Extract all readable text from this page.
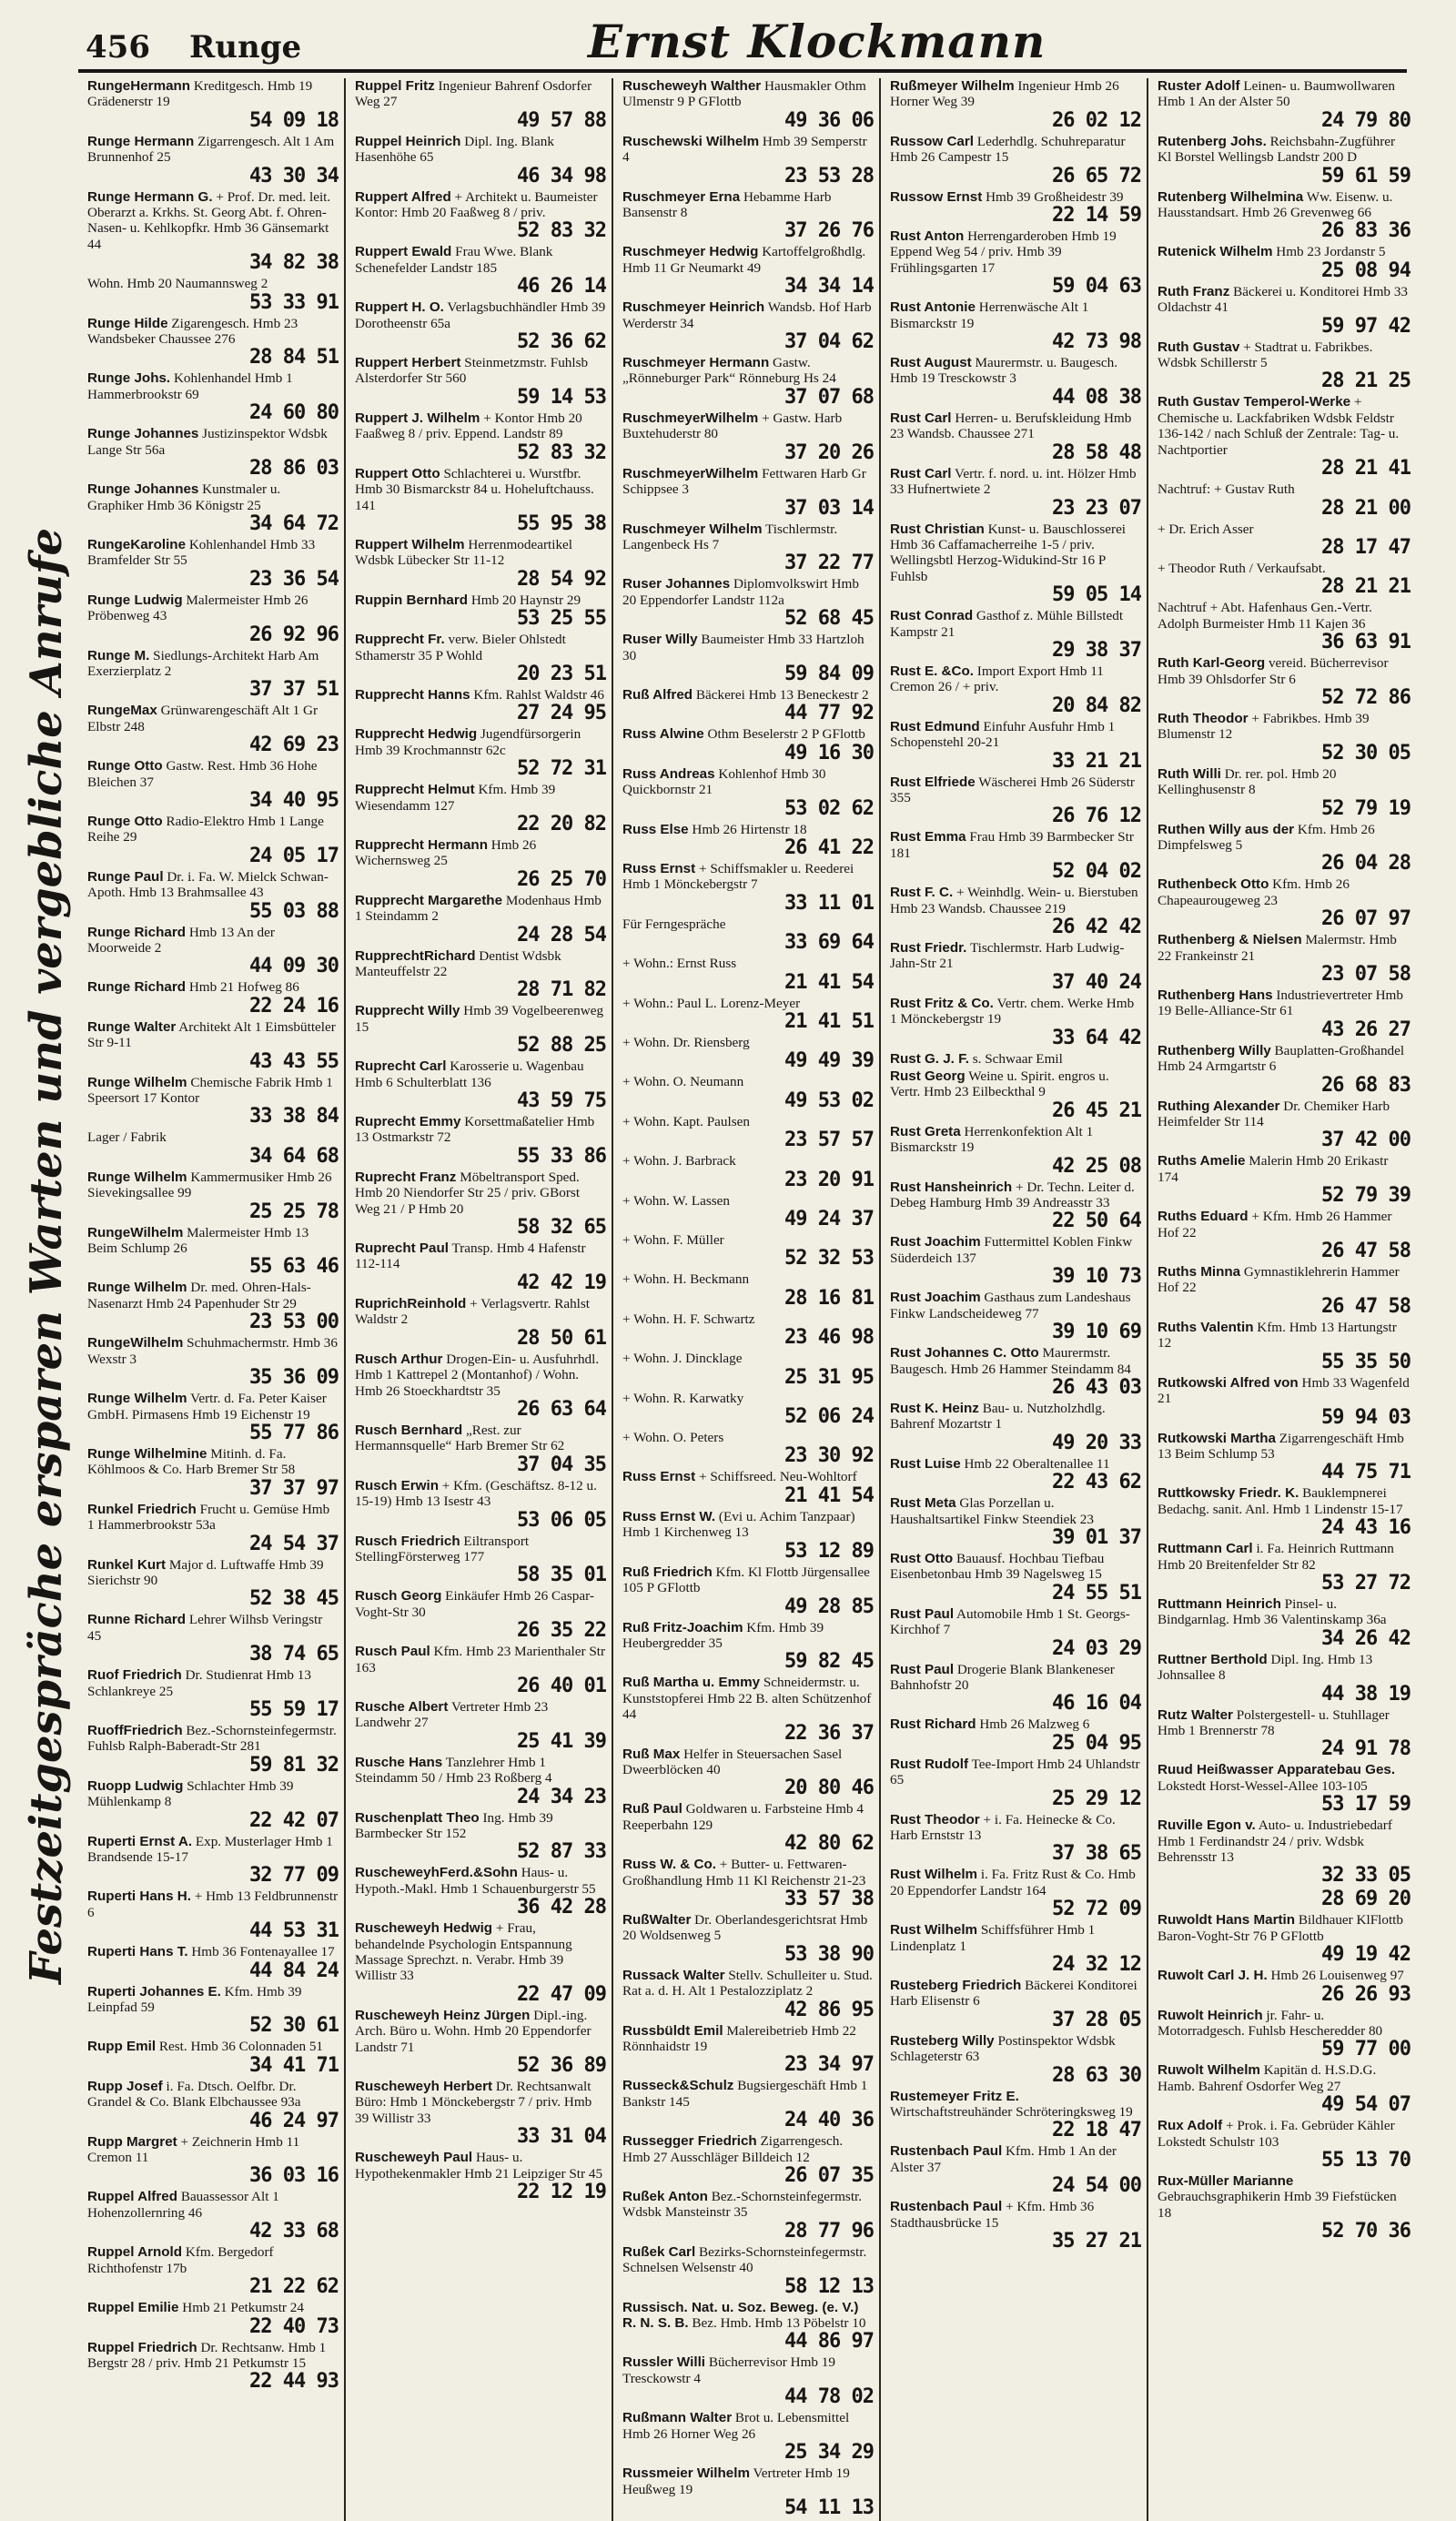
456 Runge	Ernst Klockmann
Festzeitgespräche ersparen Warten und vergebliche Anrufe
RungeHermann Kreditgesch. Hmb 19 Grädenerstr 19
54 09 18
Runge Hermann Zigarrengesch. Alt 1 Am Brunnenhof 25
43 30 34
Runge Hermann G. + Prof. Dr. med. leit. Oberarzt a. Krkhs. St. Georg Abt. f. Ohren-Nasen- u. Kehlkopfkr. Hmb 36 Gänsemarkt 44
34 82 38
Wohn. Hmb 20 Naumannsweg 2
53 33 91
Runge Hilde Zigarengesch. Hmb 23 Wandsbeker Chaussee 276
28 84 51
Runge Johs. Kohlenhandel Hmb 1 Hammerbrookstr 69
24 60 80
Runge Johannes Justizinspektor Wdsbk Lange Str 56a
28 86 03
Runge Johannes Kunstmaler u. Graphiker Hmb 36 Königstr 25
34 64 72
RungeKaroline Kohlenhandel Hmb 33 Bramfelder Str 55
23 36 54
Runge Ludwig Malermeister Hmb 26 Pröbenweg 43
26 92 96
Runge M. Siedlungs-Architekt Harb Am Exerzierplatz 2
37 37 51
RungeMax Grünwarengeschäft Alt 1 Gr Elbstr 248
42 69 23
Runge Otto Gastw. Rest. Hmb 36 Hohe Bleichen 37
34 40 95
Runge Otto Radio-Elektro Hmb 1 Lange Reihe 29
24 05 17
Runge Paul Dr. i. Fa. W. Mielck Schwan-Apoth. Hmb 13 Brahmsallee 43
55 03 88
Runge Richard Hmb 13 An der Moorweide 2
44 09 30
Runge Richard Hmb 21 Hofweg 86
22 24 16
Runge Walter Architekt Alt 1 Eimsbütteler Str 9-11
43 43 55
Runge Wilhelm Chemische Fabrik Hmb 1 Speersort 17 Kontor
33 38 84
Lager / Fabrik
34 64 68
Runge Wilhelm Kammermusiker Hmb 26 Sievekingsallee 99
25 25 78
RungeWilhelm Malermeister Hmb 13 Beim Schlump 26
55 63 46
Runge Wilhelm Dr. med. Ohren-Hals-Nasenarzt Hmb 24 Papenhuder Str 29
23 53 00
RungeWilhelm Schuhmachermstr. Hmb 36 Wexstr 3
35 36 09
Runge Wilhelm Vertr. d. Fa. Peter Kaiser GmbH. Pirmasens Hmb 19 Eichenstr 19
55 77 86
Runge Wilhelmine Mitinh. d. Fa. Köhlmoos & Co. Harb Bremer Str 58
37 37 97
Runkel Friedrich Frucht u. Gemüse Hmb 1 Hammerbrookstr 53a
24 54 37
Runkel Kurt Major d. Luftwaffe Hmb 39 Sierichstr 90
52 38 45
Runne Richard Lehrer Wilhsb Veringstr 45
38 74 65
Ruof Friedrich Dr. Studienrat Hmb 13 Schlankreye 25
55 59 17
RuoffFriedrich Bez.-Schornsteinfegermstr. Fuhlsb Ralph-Baberadt-Str 281
59 81 32
Ruopp Ludwig Schlachter Hmb 39 Mühlenkamp 8
22 42 07
Ruperti Ernst A. Exp. Musterlager Hmb 1 Brandsende 15-17
32 77 09
Ruperti Hans H. + Hmb 13 Feldbrunnenstr 6
44 53 31
Ruperti Hans T. Hmb 36 Fontenayallee 17
44 84 24
Ruperti Johannes E. Kfm. Hmb 39 Leinpfad 59
52 30 61
Rupp Emil Rest. Hmb 36 Colonnaden 51
34 41 71
Rupp Josef i. Fa. Dtsch. Oelfbr. Dr. Grandel & Co. Blank Elbchaussee 93a
46 24 97
Rupp Margret + Zeichnerin Hmb 11 Cremon 11
36 03 16
Ruppel Alfred Bauassessor Alt 1 Hohenzollernring 46
42 33 68
Ruppel Arnold Kfm. Bergedorf Richthofenstr 17b
21 22 62
Ruppel Emilie Hmb 21 Petkumstr 24
22 40 73
Ruppel Friedrich Dr. Rechtsanw. Hmb 1 Bergstr 28 / priv. Hmb 21 Petkumstr 15
22 44 93
Ruppel Fritz Ingenieur Bahrenf Osdorfer Weg 27
49 57 88
Ruppel Heinrich Dipl. Ing. Blank Hasenhöhe 65
46 34 98
Ruppert Alfred + Architekt u. Baumeister Kontor: Hmb 20 Faaßweg 8 / priv.
52 83 32
Ruppert Ewald Frau Wwe. Blank Schenefelder Landstr 185
46 26 14
Ruppert H. O. Verlagsbuchhändler Hmb 39 Dorotheenstr 65a
52 36 62
Ruppert Herbert Steinmetzmstr. Fuhlsb Alsterdorfer Str 560
59 14 53
Ruppert J. Wilhelm + Kontor Hmb 20 Faaßweg 8 / priv. Eppend. Landstr 89
52 83 32
Ruppert Otto Schlachterei u. Wurstfbr. Hmb 30 Bismarckstr 84 u. Hoheluftchauss. 141
55 95 38
Ruppert Wilhelm Herrenmodeartikel Wdsbk Lübecker Str 11-12
28 54 92
Ruppin Bernhard Hmb 20 Haynstr 29
53 25 55
Rupprecht Fr. verw. Bieler Ohlstedt Sthamerstr 35 P Wohld
20 23 51
Rupprecht Hanns Kfm. Rahlst Waldstr 46
27 24 95
Rupprecht Hedwig Jugendfürsorgerin Hmb 39 Krochmannstr 62c
52 72 31
Rupprecht Helmut Kfm. Hmb 39 Wiesendamm 127
22 20 82
Rupprecht Hermann Hmb 26 Wichernsweg 25
26 25 70
Rupprecht Margarethe Modenhaus Hmb 1 Steindamm 2
24 28 54
RupprechtRichard Dentist Wdsbk Manteuffelstr 22
28 71 82
Rupprecht Willy Hmb 39 Vogelbeerenweg 15
52 88 25
Ruprecht Carl Karosserie u. Wagenbau Hmb 6 Schulterblatt 136
43 59 75
Ruprecht Emmy Korsettmaßatelier Hmb 13 Ostmarkstr 72
55 33 86
Ruprecht Franz Möbeltransport Sped. Hmb 20 Niendorfer Str 25 / priv. GBorst Weg 21 / P Hmb 20
58 32 65
Ruprecht Paul Transp. Hmb 4 Hafenstr 112-114
42 42 19
RuprichReinhold + Verlagsvertr. Rahlst Waldstr 2
28 50 61
Rusch Arthur Drogen-Ein- u. Ausfuhrhdl. Hmb 1 Kattrepel 2 (Montanhof) / Wohn. Hmb 26 Stoeckhardtstr 35
26 63 64
Rusch Bernhard „Rest. zur Hermannsquelle“ Harb Bremer Str 62
37 04 35
Rusch Erwin + Kfm. (Geschäftsz. 8-12 u. 15-19) Hmb 13 Isestr 43
53 06 05
Rusch Friedrich Eiltransport StellingFörsterweg 177
58 35 01
Rusch Georg Einkäufer Hmb 26 Caspar-Voght-Str 30
26 35 22
Rusch Paul Kfm. Hmb 23 Marienthaler Str 163
26 40 01
Rusche Albert Vertreter Hmb 23 Landwehr 27
25 41 39
Rusche Hans Tanzlehrer Hmb 1 Steindamm 50 / Hmb 23 Roßberg 4
24 34 23
Ruschenplatt Theo Ing. Hmb 39 Barmbecker Str 152
52 87 33
RuscheweyhFerd.&Sohn Haus- u. Hypoth.-Makl. Hmb 1 Schauenburgerstr 55
36 42 28
Ruscheweyh Hedwig + Frau, behandelnde Psychologin Entspannung Massage Sprechzt. n. Verabr. Hmb 39 Willistr 33
22 47 09
Ruscheweyh Heinz Jürgen Dipl.-ing. Arch. Büro u. Wohn. Hmb 20 Eppendorfer Landstr 71
52 36 89
Ruscheweyh Herbert Dr. Rechtsanwalt Büro: Hmb 1 Mönckebergstr 7 / priv. Hmb 39 Willistr 33
33 31 04
Ruscheweyh Paul Haus- u. Hypothekenmakler Hmb 21 Leipziger Str 45
22 12 19
Ruscheweyh Walther Hausmakler Othm Ulmenstr 9 P GFlottb
49 36 06
Ruschewski Wilhelm Hmb 39 Semperstr 4
23 53 28
Ruschmeyer Erna Hebamme Harb Bansenstr 8
37 26 76
Ruschmeyer Hedwig Kartoffelgroßhdlg. Hmb 11 Gr Neumarkt 49
34 34 14
Ruschmeyer Heinrich Wandsb. Hof Harb Werderstr 34
37 04 62
Ruschmeyer Hermann Gastw. „Rönneburger Park“ Rönneburg Hs 24
37 07 68
RuschmeyerWilhelm + Gastw. Harb Buxtehuderstr 80
37 20 26
RuschmeyerWilhelm Fettwaren Harb Gr Schippsee 3
37 03 14
Ruschmeyer Wilhelm Tischlermstr. Langenbeck Hs 7
37 22 77
Ruser Johannes Diplomvolkswirt Hmb 20 Eppendorfer Landstr 112a
52 68 45
Ruser Willy Baumeister Hmb 33 Hartzloh 30
59 84 09
Ruß Alfred Bäckerei Hmb 13 Beneckestr 2
44 77 92
Russ Alwine Othm Beselerstr 2 P GFlottb
49 16 30
Russ Andreas Kohlenhof Hmb 30 Quickbornstr 21
53 02 62
Russ Else Hmb 26 Hirtenstr 18
26 41 22
Russ Ernst + Schiffsmakler u. Reederei Hmb 1 Mönckebergstr 7
33 11 01
Für Ferngespräche
33 69 64
+ Wohn.: Ernst Russ
21 41 54
+ Wohn.: Paul L. Lorenz-Meyer
21 41 51
+ Wohn. Dr. Riensberg
49 49 39
+ Wohn. O. Neumann
49 53 02
+ Wohn. Kapt. Paulsen
23 57 57
+ Wohn. J. Barbrack
23 20 91
+ Wohn. W. Lassen
49 24 37
+ Wohn. F. Müller
52 32 53
+ Wohn. H. Beckmann
28 16 81
+ Wohn. H. F. Schwartz
23 46 98
+ Wohn. J. Dincklage
25 31 95
+ Wohn. R. Karwatky
52 06 24
+ Wohn. O. Peters
23 30 92
Russ Ernst + Schiffsreed. Neu-Wohltorf
21 41 54
Russ Ernst W. (Evi u. Achim Tanzpaar) Hmb 1 Kirchenweg 13
53 12 89
Ruß Friedrich Kfm. Kl Flottb Jürgensallee 105 P GFlottb
49 28 85
Ruß Fritz-Joachim Kfm. Hmb 39 Heubergredder 35
59 82 45
Ruß Martha u. Emmy Schneidermstr. u. Kunststopferei Hmb 22 B. alten Schützenhof 44
22 36 37
Ruß Max Helfer in Steuersachen Sasel Dweerblöcken 40
20 80 46
Ruß Paul Goldwaren u. Farbsteine Hmb 4 Reeperbahn 129
42 80 62
Russ W. & Co. + Butter- u. Fettwaren-Großhandlung Hmb 11 Kl Reichenstr 21-23
33 57 38
RußWalter Dr. Oberlandesgerichtsrat Hmb 20 Woldsenweg 5
53 38 90
Russack Walter Stellv. Schulleiter u. Stud. Rat a. d. H. Alt 1 Pestalozziplatz 2
42 86 95
Russbüldt Emil Malereibetrieb Hmb 22 Rönnhaidstr 19
23 34 97
Russeck&Schulz Bugsiergeschäft Hmb 1 Bankstr 145
24 40 36
Russegger Friedrich Zigarrengesch. Hmb 27 Ausschläger Billdeich 12
26 07 35
Rußek Anton Bez.-Schornsteinfegermstr. Wdsbk Mansteinstr 35
28 77 96
Rußek Carl Bezirks-Schornsteinfegermstr. Schnelsen Welsenstr 40
58 12 13
Russisch. Nat. u. Soz. Beweg. (e. V.) R. N. S. B. Bez. Hmb. Hmb 13 Pöbelstr 10
44 86 97
Russler Willi Bücherrevisor Hmb 19 Tresckowstr 4
44 78 02
Rußmann Walter Brot u. Lebensmittel Hmb 26 Horner Weg 26
25 34 29
Russmeier Wilhelm Vertreter Hmb 19 Heußweg 19
54 11 13
Rußmeyer Wilhelm Ingenieur Hmb 26 Horner Weg 39
26 02 12
Russow Carl Lederhdlg. Schuhreparatur Hmb 26 Campestr 15
26 65 72
Russow Ernst Hmb 39 Großheidestr 39
22 14 59
Rust Anton Herrengarderoben Hmb 19 Eppend Weg 54 / priv. Hmb 39 Frühlingsgarten 17
59 04 63
Rust Antonie Herrenwäsche Alt 1 Bismarckstr 19
42 73 98
Rust August Maurermstr. u. Baugesch. Hmb 19 Tresckowstr 3
44 08 38
Rust Carl Herren- u. Berufskleidung Hmb 23 Wandsb. Chaussee 271
28 58 48
Rust Carl Vertr. f. nord. u. int. Hölzer Hmb 33 Hufnertwiete 2
23 23 07
Rust Christian Kunst- u. Bauschlosserei Hmb 36 Caffamacherreihe 1-5 / priv. Wellingsbtl Herzog-Widukind-Str 16 P Fuhlsb
59 05 14
Rust Conrad Gasthof z. Mühle Billstedt Kampstr 21
29 38 37
Rust E. &Co. Import Export Hmb 11 Cremon 26 / + priv.
20 84 82
Rust Edmund Einfuhr Ausfuhr Hmb 1 Schopenstehl 20-21
33 21 21
Rust Elfriede Wäscherei Hmb 26 Süderstr 355
26 76 12
Rust Emma Frau Hmb 39 Barmbecker Str 181
52 04 02
Rust F. C. + Weinhdlg. Wein- u. Bierstuben Hmb 23 Wandsb. Chaussee 219
26 42 42
Rust Friedr. Tischlermstr. Harb Ludwig-Jahn-Str 21
37 40 24
Rust Fritz & Co. Vertr. chem. Werke Hmb 1 Mönckebergstr 19
33 64 42
Rust G. J. F. s. Schwaar Emil
Rust Georg Weine u. Spirit. engros u. Vertr. Hmb 23 Eilbeckthal 9
26 45 21
Rust Greta Herrenkonfektion Alt 1 Bismarckstr 19
42 25 08
Rust Hansheinrich + Dr. Techn. Leiter d. Debeg Hamburg Hmb 39 Andreasstr 33
22 50 64
Rust Joachim Futtermittel Koblen Finkw Süderdeich 137
39 10 73
Rust Joachim Gasthaus zum Landeshaus Finkw Landscheideweg 77
39 10 69
Rust Johannes C. Otto Maurermstr. Baugesch. Hmb 26 Hammer Steindamm 84
26 43 03
Rust K. Heinz Bau- u. Nutzholzhdlg. Bahrenf Mozartstr 1
49 20 33
Rust Luise Hmb 22 Oberaltenallee 11
22 43 62
Rust Meta Glas Porzellan u. Haushaltsartikel Finkw Steendiek 23
39 01 37
Rust Otto Bauausf. Hochbau Tiefbau Eisenbetonbau Hmb 39 Nagelsweg 15
24 55 51
Rust Paul Automobile Hmb 1 St. Georgs-Kirchhof 7
24 03 29
Rust Paul Drogerie Blank Blankeneser Bahnhofstr 20
46 16 04
Rust Richard Hmb 26 Malzweg 6
25 04 95
Rust Rudolf Tee-Import Hmb 24 Uhlandstr 65
25 29 12
Rust Theodor + i. Fa. Heinecke & Co. Harb Ernststr 13
37 38 65
Rust Wilhelm i. Fa. Fritz Rust & Co. Hmb 20 Eppendorfer Landstr 164
52 72 09
Rust Wilhelm Schiffsführer Hmb 1 Lindenplatz 1
24 32 12
Rusteberg Friedrich Bäckerei Konditorei Harb Elisenstr 6
37 28 05
Rusteberg Willy Postinspektor Wdsbk Schlageterstr 63
28 63 30
Rustemeyer Fritz E. Wirtschaftstreuhänder Schröteringksweg 19
22 18 47
Rustenbach Paul Kfm. Hmb 1 An der Alster 37
24 54 00
Rustenbach Paul + Kfm. Hmb 36 Stadthausbrücke 15
35 27 21
Ruster Adolf Leinen- u. Baumwollwaren Hmb 1 An der Alster 50
24 79 80
Rutenberg Johs. Reichsbahn-Zugführer Kl Borstel Wellingsb Landstr 200 D
59 61 59
Rutenberg Wilhelmina Ww. Eisenw. u. Hausstandsart. Hmb 26 Grevenweg 66
26 83 36
Rutenick Wilhelm Hmb 23 Jordanstr 5
25 08 94
Ruth Franz Bäckerei u. Konditorei Hmb 33 Oldachstr 41
59 97 42
Ruth Gustav + Stadtrat u. Fabrikbes. Wdsbk Schillerstr 5
28 21 25
Ruth Gustav Temperol-Werke + Chemische u. Lackfabriken Wdsbk Feldstr 136-142 / nach Schluß der Zentrale: Tag- u. Nachtportier
28 21 41
Nachtruf: + Gustav Ruth
28 21 00
+ Dr. Erich Asser
28 17 47
+ Theodor Ruth / Verkaufsabt.
28 21 21
Nachtruf + Abt. Hafenhaus Gen.-Vertr. Adolph Burmeister Hmb 11 Kajen 36
36 63 91
Ruth Karl-Georg vereid. Bücherrevisor Hmb 39 Ohlsdorfer Str 6
52 72 86
Ruth Theodor + Fabrikbes. Hmb 39 Blumenstr 12
52 30 05
Ruth Willi Dr. rer. pol. Hmb 20 Kellinghusenstr 8
52 79 19
Ruthen Willy aus der Kfm. Hmb 26 Dimpfelsweg 5
26 04 28
Ruthenbeck Otto Kfm. Hmb 26 Chapeaurougeweg 23
26 07 97
Ruthenberg & Nielsen Malermstr. Hmb 22 Frankeinstr 21
23 07 58
Ruthenberg Hans Industrievertreter Hmb 19 Belle-Alliance-Str 61
43 26 27
Ruthenberg Willy Bauplatten-Großhandel Hmb 24 Armgartstr 6
26 68 83
Ruthing Alexander Dr. Chemiker Harb Heimfelder Str 114
37 42 00
Ruths Amelie Malerin Hmb 20 Erikastr 174
52 79 39
Ruths Eduard + Kfm. Hmb 26 Hammer Hof 22
26 47 58
Ruths Minna Gymnastiklehrerin Hammer Hof 22
26 47 58
Ruths Valentin Kfm. Hmb 13 Hartungstr 12
55 35 50
Rutkowski Alfred von Hmb 33 Wagenfeld 21
59 94 03
Rutkowski Martha Zigarrengeschäft Hmb 13 Beim Schlump 53
44 75 71
Ruttkowsky Friedr. K. Bauklempnerei Bedachg. sanit. Anl. Hmb 1 Lindenstr 15-17
24 43 16
Ruttmann Carl i. Fa. Heinrich Ruttmann Hmb 20 Breitenfelder Str 82
53 27 72
Ruttmann Heinrich Pinsel- u. Bindgarnlag. Hmb 36 Valentinskamp 36a
34 26 42
Ruttner Berthold Dipl. Ing. Hmb 13 Johnsallee 8
44 38 19
Rutz Walter Polstergestell- u. Stuhllager Hmb 1 Brennerstr 78
24 91 78
Ruud Heißwasser Apparatebau Ges. Lokstedt Horst-Wessel-Allee 103-105
53 17 59
Ruville Egon v. Auto- u. Industriebedarf Hmb 1 Ferdinandstr 24 / priv. Wdsbk Behrensstr 13
32 33 05
28 69 20
Ruwoldt Hans Martin Bildhauer KlFlottb Baron-Voght-Str 76 P GFlottb
49 19 42
Ruwolt Carl J. H. Hmb 26 Louisenweg 97
26 26 93
Ruwolt Heinrich jr. Fahr- u. Motorradgesch. Fuhlsb Hescheredder 80
59 77 00
Ruwolt Wilhelm Kapitän d. H.S.D.G. Hamb. Bahrenf Osdorfer Weg 27
49 54 07
Rux Adolf + Prok. i. Fa. Gebrüder Kähler Lokstedt Schulstr 103
55 13 70
Rux-Müller Marianne Gebrauchsgraphikerin Hmb 39 Fiefstücken 18
52 70 36
